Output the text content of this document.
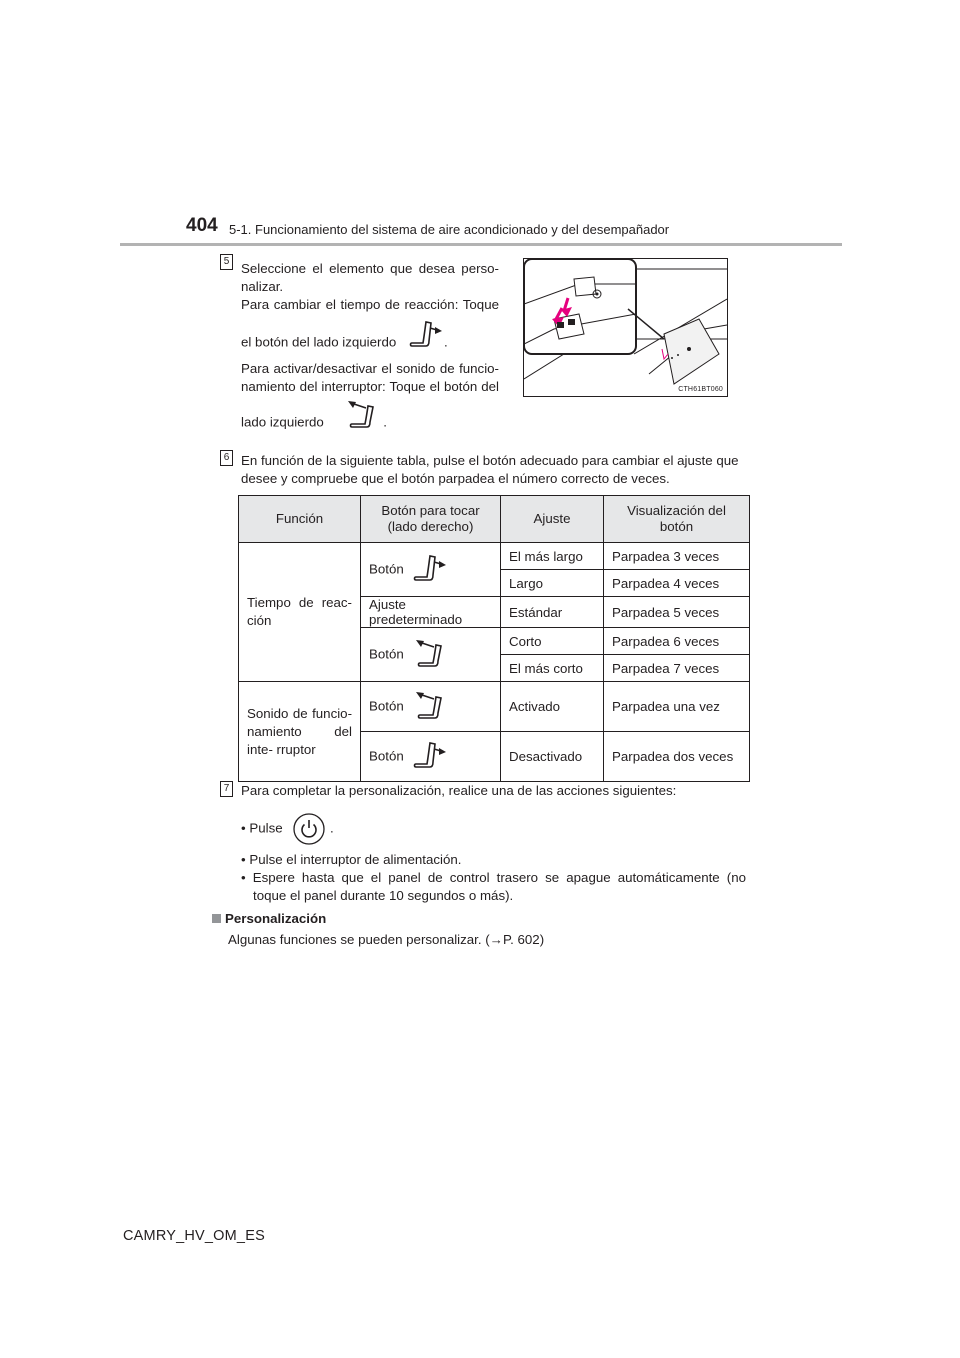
404 5-1. Funcionamiento del sistema de aire acondicionado y del desempañador
5 Seleccione el elemento que desea perso-
nalizar.
Para cambiar el tiempo de reacción: Toque
el botón del lado izquierdo	.
Para activar/desactivar el sonido de funcio-
namiento del interruptor: Toque el botón del
lado izquierdo	.
CTH61BT060
6 En función de la siguiente tabla, pulse el botón adecuado para cambiar el ajuste que
desee y compruebe que el botón parpadea el número correcto de veces.
Función	Botón para tocar (lado derecho)	Ajuste	Visualización del botón
Tiempo de reac- ción	Botón	El más largo	Parpadea 3 veces
		Largo	Parpadea 4 veces
	Ajuste predeterminado	Estándar	Parpadea 5 veces
	Botón	Corto	Parpadea 6 veces
		El más corto	Parpadea 7 veces
Sonido de funcio- namiento del inte- rruptor	Botón	Activado	Parpadea una vez
	Botón	Desactivado	Parpadea dos veces
7 Para completar la personalización, realice una de las acciones siguientes:
• Pulse	.
• Pulse el interruptor de alimentación.
• Espere hasta que el panel de control trasero se apague automáticamente (no
toque el panel durante 10 segundos o más).
Personalización
Algunas funciones se pueden personalizar. (→P. 602)
CAMRY_HV_OM_ES
